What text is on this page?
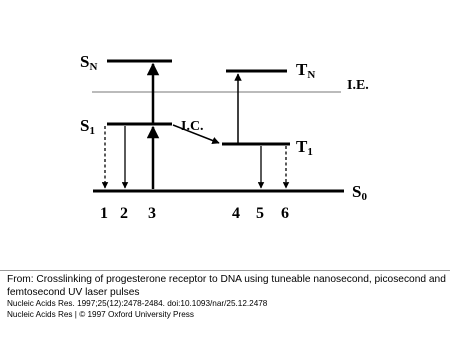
SN
S1
TN
T1
S0
I.E.
I.C.
1 2 3	4 5 6
From: Crosslinking of progesterone receptor to DNA using tuneable nanosecond, picosecond and
femtosecond UV laser pulses
Nucleic Acids Res. 1997;25(12):2478-2484. doi:10.1093/nar/25.12.2478
Nucleic Acids Res | © 1997 Oxford University Press
